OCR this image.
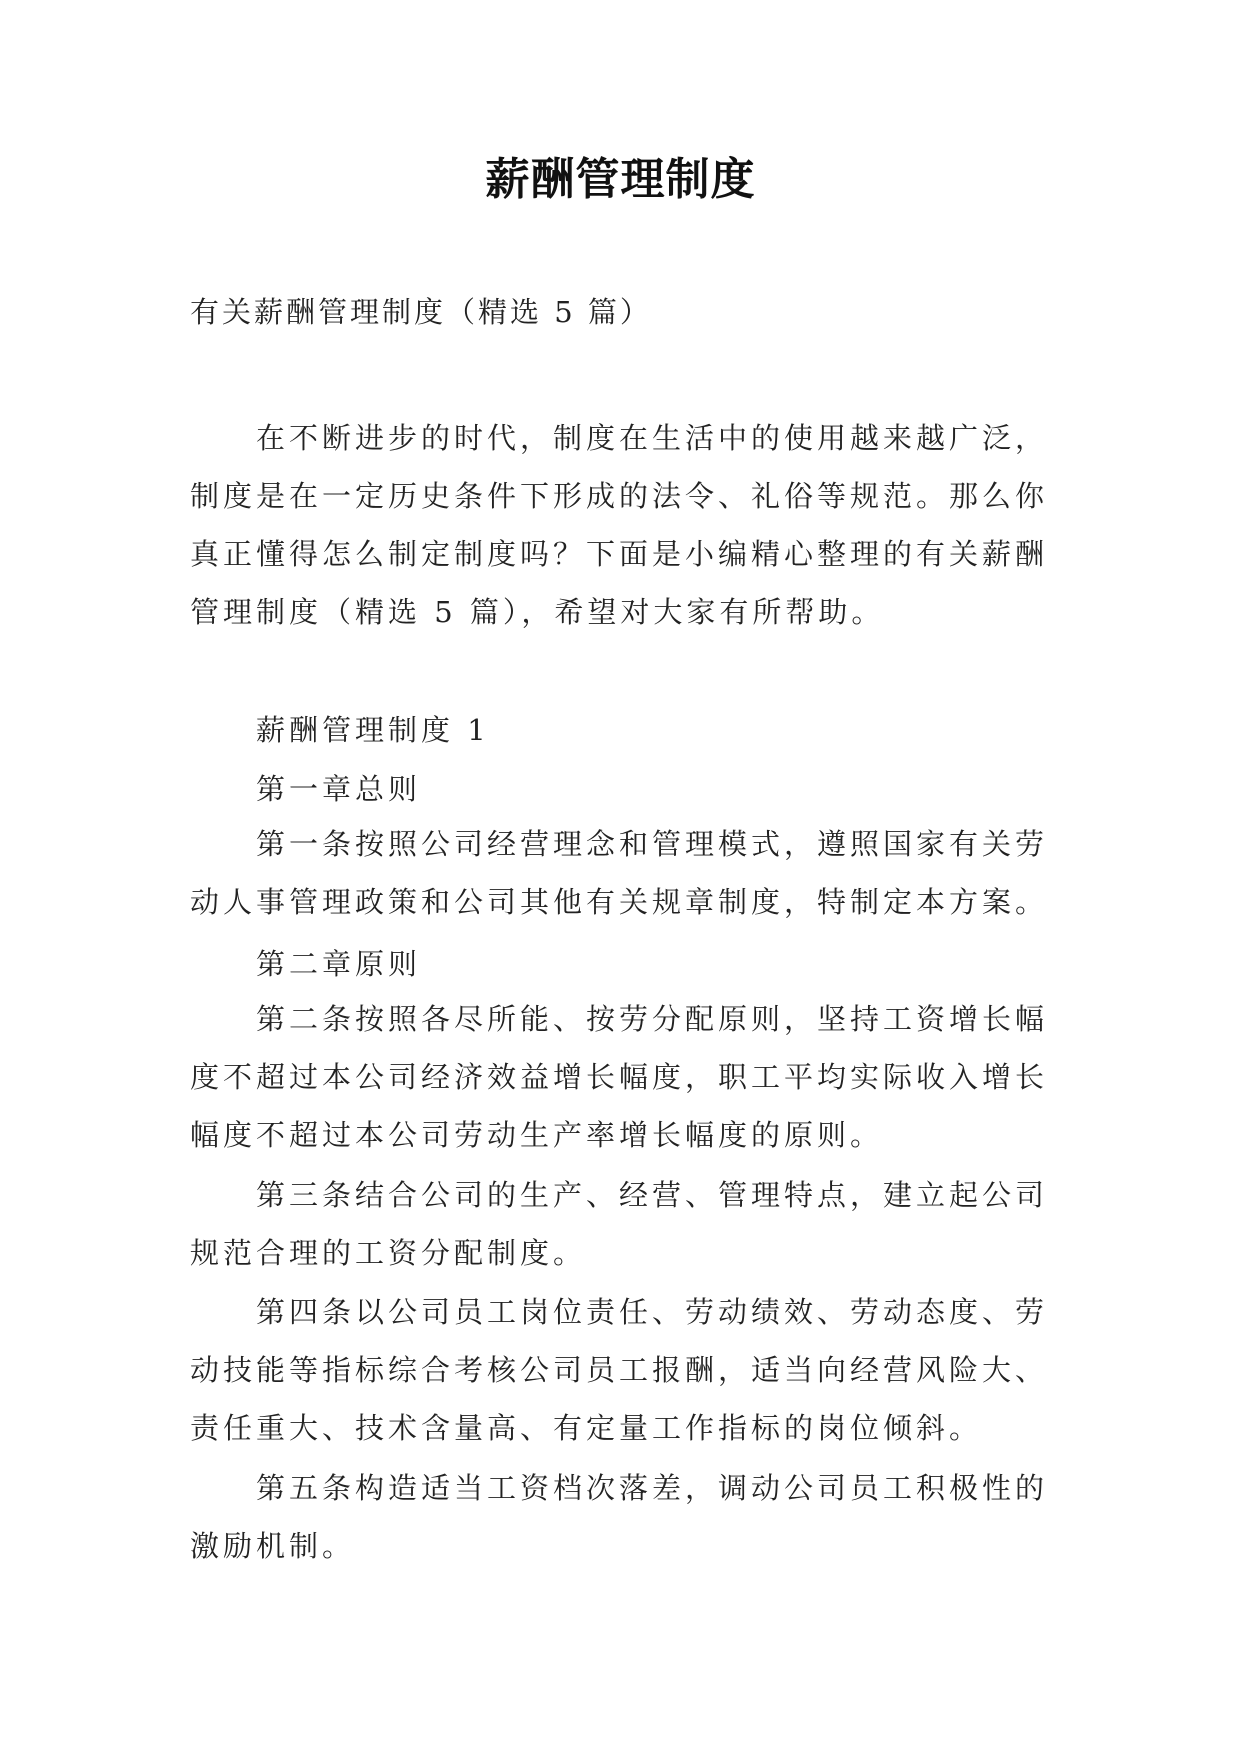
薪酬管理制度

有关薪酬管理制度（精选 5 篇）

在不断进步的时代，制度在生活中的使用越来越广泛，制度是在一定历史条件下形成的法令、礼俗等规范。那么你真正懂得怎么制定制度吗？下面是小编精心整理的有关薪酬管理制度（精选 5 篇），希望对大家有所帮助。

薪酬管理制度 1

第一章总则

第一条按照公司经营理念和管理模式，遵照国家有关劳动人事管理政策和公司其他有关规章制度，特制定本方案。

第二章原则

第二条按照各尽所能、按劳分配原则，坚持工资增长幅度不超过本公司经济效益增长幅度，职工平均实际收入增长幅度不超过本公司劳动生产率增长幅度的原则。

第三条结合公司的生产、经营、管理特点，建立起公司规范合理的工资分配制度。

第四条以公司员工岗位责任、劳动绩效、劳动态度、劳动技能等指标综合考核公司员工报酬，适当向经营风险大、责任重大、技术含量高、有定量工作指标的岗位倾斜。

第五条构造适当工资档次落差，调动公司员工积极性的激励机制。
